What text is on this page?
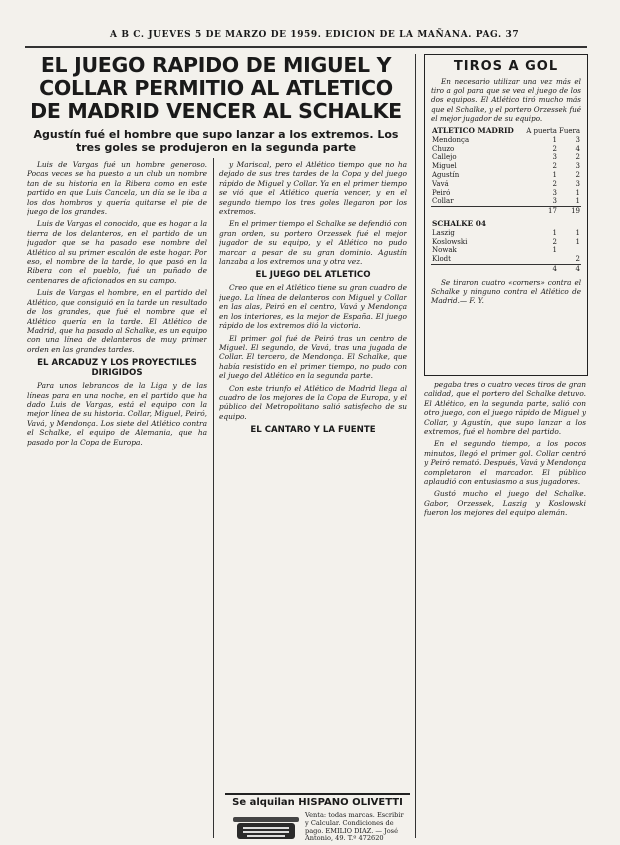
A B C. JUEVES 5 DE MARZO DE 1959. EDICION DE LA MAÑANA. PAG. 37
EL JUEGO RAPIDO DE MIGUEL Y COLLAR PERMITIO AL ATLETICO DE MADRID VENCER AL SCHALKE
Agustín fué el hombre que supo lanzar a los extremos. Los tres goles se produjeron en la segunda parte

Luis de Vargas fué un hombre generoso. Pocas veces se ha puesto a un club un nombre tan de su historia en la Ribera como en este partido en que Luis Cancela, un día se le iba a los dos hombros y quería quitarse el pie de juego de los grandes.

Luis de Vargas el conocido, que es hogar a la tierra de los delanteros, en el partido de un jugador que se ha pasado ese nombre del Atlético al su primer escalón de este hogar. Por eso, el nombre de la tarde, lo que pasó en la Ribera con el pueblo, fué un puñado de centenares de aficionados en su campo.

Luis de Vargas el hombre, en el partido del Atlético, que consiguió en la tarde un resultado de los grandes, que fué el nombre que el Atlético quería en la tarde. El Atlético de Madrid, que ha pasado al Schalke, es un equipo con una línea de delanteros de muy primer orden en las grandes tardes.

EL ARCADUZ Y LOS PROYECTILES DIRIGIDOS

Para unos lebrancos de la Liga y de las líneas para en una noche, en el partido que ha dado Luis de Vargas, está el equipo con la mejor línea de su historia. Collar, Miguel, Peiró, Vavá, y Mendonça. Los siete del Atlético contra el Schalke, el equipo de Alemania, que ha pasado por la Copa de Europa.

y Mariscal, pero el Atlético tiempo que no ha dejado de sus tres tardes de la Copa y del juego rápido de Miguel y Collar. Ya en el primer tiempo se vió que el Atlético quería vencer, y en el segundo tiempo los tres goles llegaron por los extremos.

En el primer tiempo el Schalke se defendió con gran orden, su portero Orzessek fué el mejor jugador de su equipo, y el Atlético no pudo marcar a pesar de su gran dominio. Agustín lanzaba a los extremos una y otra vez.

EL JUEGO DEL ATLETICO

Creo que en el Atlético tiene su gran cuadro de juego. La línea de delanteros con Miguel y Collar en las alas, Peiró en el centro, Vavá y Mendonça en los interiores, es la mejor de España. El juego rápido de los extremos dió la victoria.

El primer gol fué de Peiró tras un centro de Miguel. El segundo, de Vavá, tras una jugada de Collar. El tercero, de Mendonça. El Schalke, que había resistido en el primer tiempo, no pudo con el juego del Atlético en la segunda parte.

Con este triunfo el Atlético de Madrid llega al cuadro de los mejores de la Copa de Europa, y el público del Metropolitano salió satisfecho de su equipo.

EL CANTARO Y LA FUENTE
TIROS A GOL

En necesario utilizar una vez más el tiro a gol para que se vea el juego de los dos equipos. El Atlético tiró mucho más que el Schalke, y el portero Orzessek fué el mejor jugador de su equipo.

ATLETICO MADRID	A puerta	Fuera
Mendonça	1	3
Chuzo	2	4
Callejo	3	2
Miguel	2	3
Agustín	1	2
Vavá	2	3
Peiró	3	1
Collar	3	1
	17	19
SCHALKE 04		
Laszig	1	1
Koslowski	2	1
Nowak	1	
Klodt		2
	4	4

Se tiraron cuatro «corners» contra el Schalke y ninguno contra el Atlético de Madrid.— F. Y.

pegaba tres o cuatro veces tiros de gran calidad, que el portero del Schalke detuvo. El Atlético, en la segunda parte, salió con otro juego, con el juego rápido de Miguel y Collar, y Agustín, que supo lanzar a los extremos, fué el hombre del partido.

En el segundo tiempo, a los pocos minutos, llegó el primer gol. Collar centró y Peiró remató. Después, Vavá y Mendonça completaron el marcador. El público aplaudió con entusiasmo a sus jugadores.

Gustó mucho el juego del Schalke. Gabor, Orzessek, Laszig y Koslowski fueron los mejores del equipo alemán.

Se alquilan HISPANO OLIVETTI
Venta: todas marcas. Escribir y Calcular. Condiciones de pago. EMILIO DIAZ. — José Antonio, 49. T.º 472620
